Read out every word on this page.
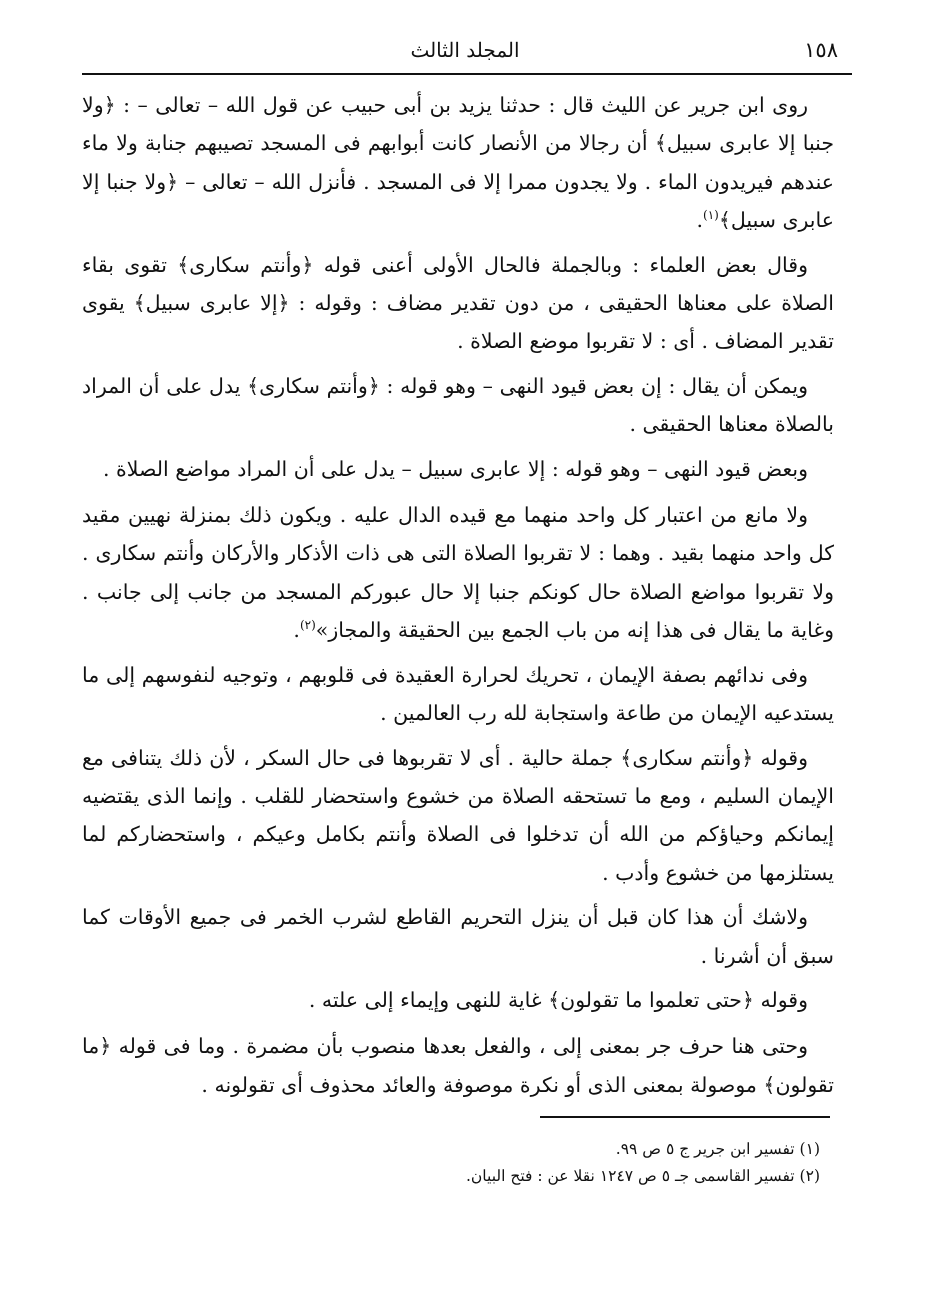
١٥٨
المجلد الثالث

روى ابن جرير عن الليث قال : حدثنا يزيد بن أبى حبيب عن قول الله – تعالى – : ﴿ولا جنبا إلا عابرى سبيل﴾ أن رجالا من الأنصار كانت أبوابهم فى المسجد تصيبهم جنابة ولا ماء عندهم فيريدون الماء . ولا يجدون ممرا إلا فى المسجد . فأنزل الله – تعالى – ﴿ولا جنبا إلا عابرى سبيل﴾$^{(١)}$.

وقال بعض العلماء : وبالجملة فالحال الأولى أعنى قوله ﴿وأنتم سكارى﴾ تقوى بقاء الصلاة على معناها الحقيقى ، من دون تقدير مضاف : وقوله : ﴿إلا عابرى سبيل﴾ يقوى تقدير المضاف . أى : لا تقربوا موضع الصلاة .

ويمكن أن يقال : إن بعض قيود النهى – وهو قوله : ﴿وأنتم سكارى﴾ يدل على أن المراد بالصلاة معناها الحقيقى .

وبعض قيود النهى – وهو قوله : إلا عابرى سبيل – يدل على أن المراد مواضع الصلاة .

ولا مانع من اعتبار كل واحد منهما مع قيده الدال عليه . ويكون ذلك بمنزلة نهيين مقيد كل واحد منهما بقيد . وهما : لا تقربوا الصلاة التى هى ذات الأذكار والأركان وأنتم سكارى . ولا تقربوا مواضع الصلاة حال كونكم جنبا إلا حال عبوركم المسجد من جانب إلى جانب . وغاية ما يقال فى هذا إنه من باب الجمع بين الحقيقة والمجاز»$^{(٢)}$.

وفى ندائهم بصفة الإيمان ، تحريك لحرارة العقيدة فى قلوبهم ، وتوجيه لنفوسهم إلى ما يستدعيه الإيمان من طاعة واستجابة لله رب العالمين .

وقوله ﴿وأنتم سكارى﴾ جملة حالية . أى لا تقربوها فى حال السكر ، لأن ذلك يتنافى مع الإيمان السليم ، ومع ما تستحقه الصلاة من خشوع واستحضار للقلب . وإنما الذى يقتضيه إيمانكم وحياؤكم من الله أن تدخلوا فى الصلاة وأنتم بكامل وعيكم ، واستحضاركم لما يستلزمها من خشوع وأدب .

ولاشك أن هذا كان قبل أن ينزل التحريم القاطع لشرب الخمر فى جميع الأوقات كما سبق أن أشرنا .

وقوله ﴿حتى تعلموا ما تقولون﴾ غاية للنهى وإيماء إلى علته .

وحتى هنا حرف جر بمعنى إلى ، والفعل بعدها منصوب بأن مضمرة . وما فى قوله ﴿ما تقولون﴾ موصولة بمعنى الذى أو نكرة موصوفة والعائد محذوف أى تقولونه .

(١) تفسير ابن جرير ج ٥ ص ٩٩.

(٢) تفسير القاسمى جـ ٥ ص ١٢٤٧ نقلا عن : فتح البيان.
